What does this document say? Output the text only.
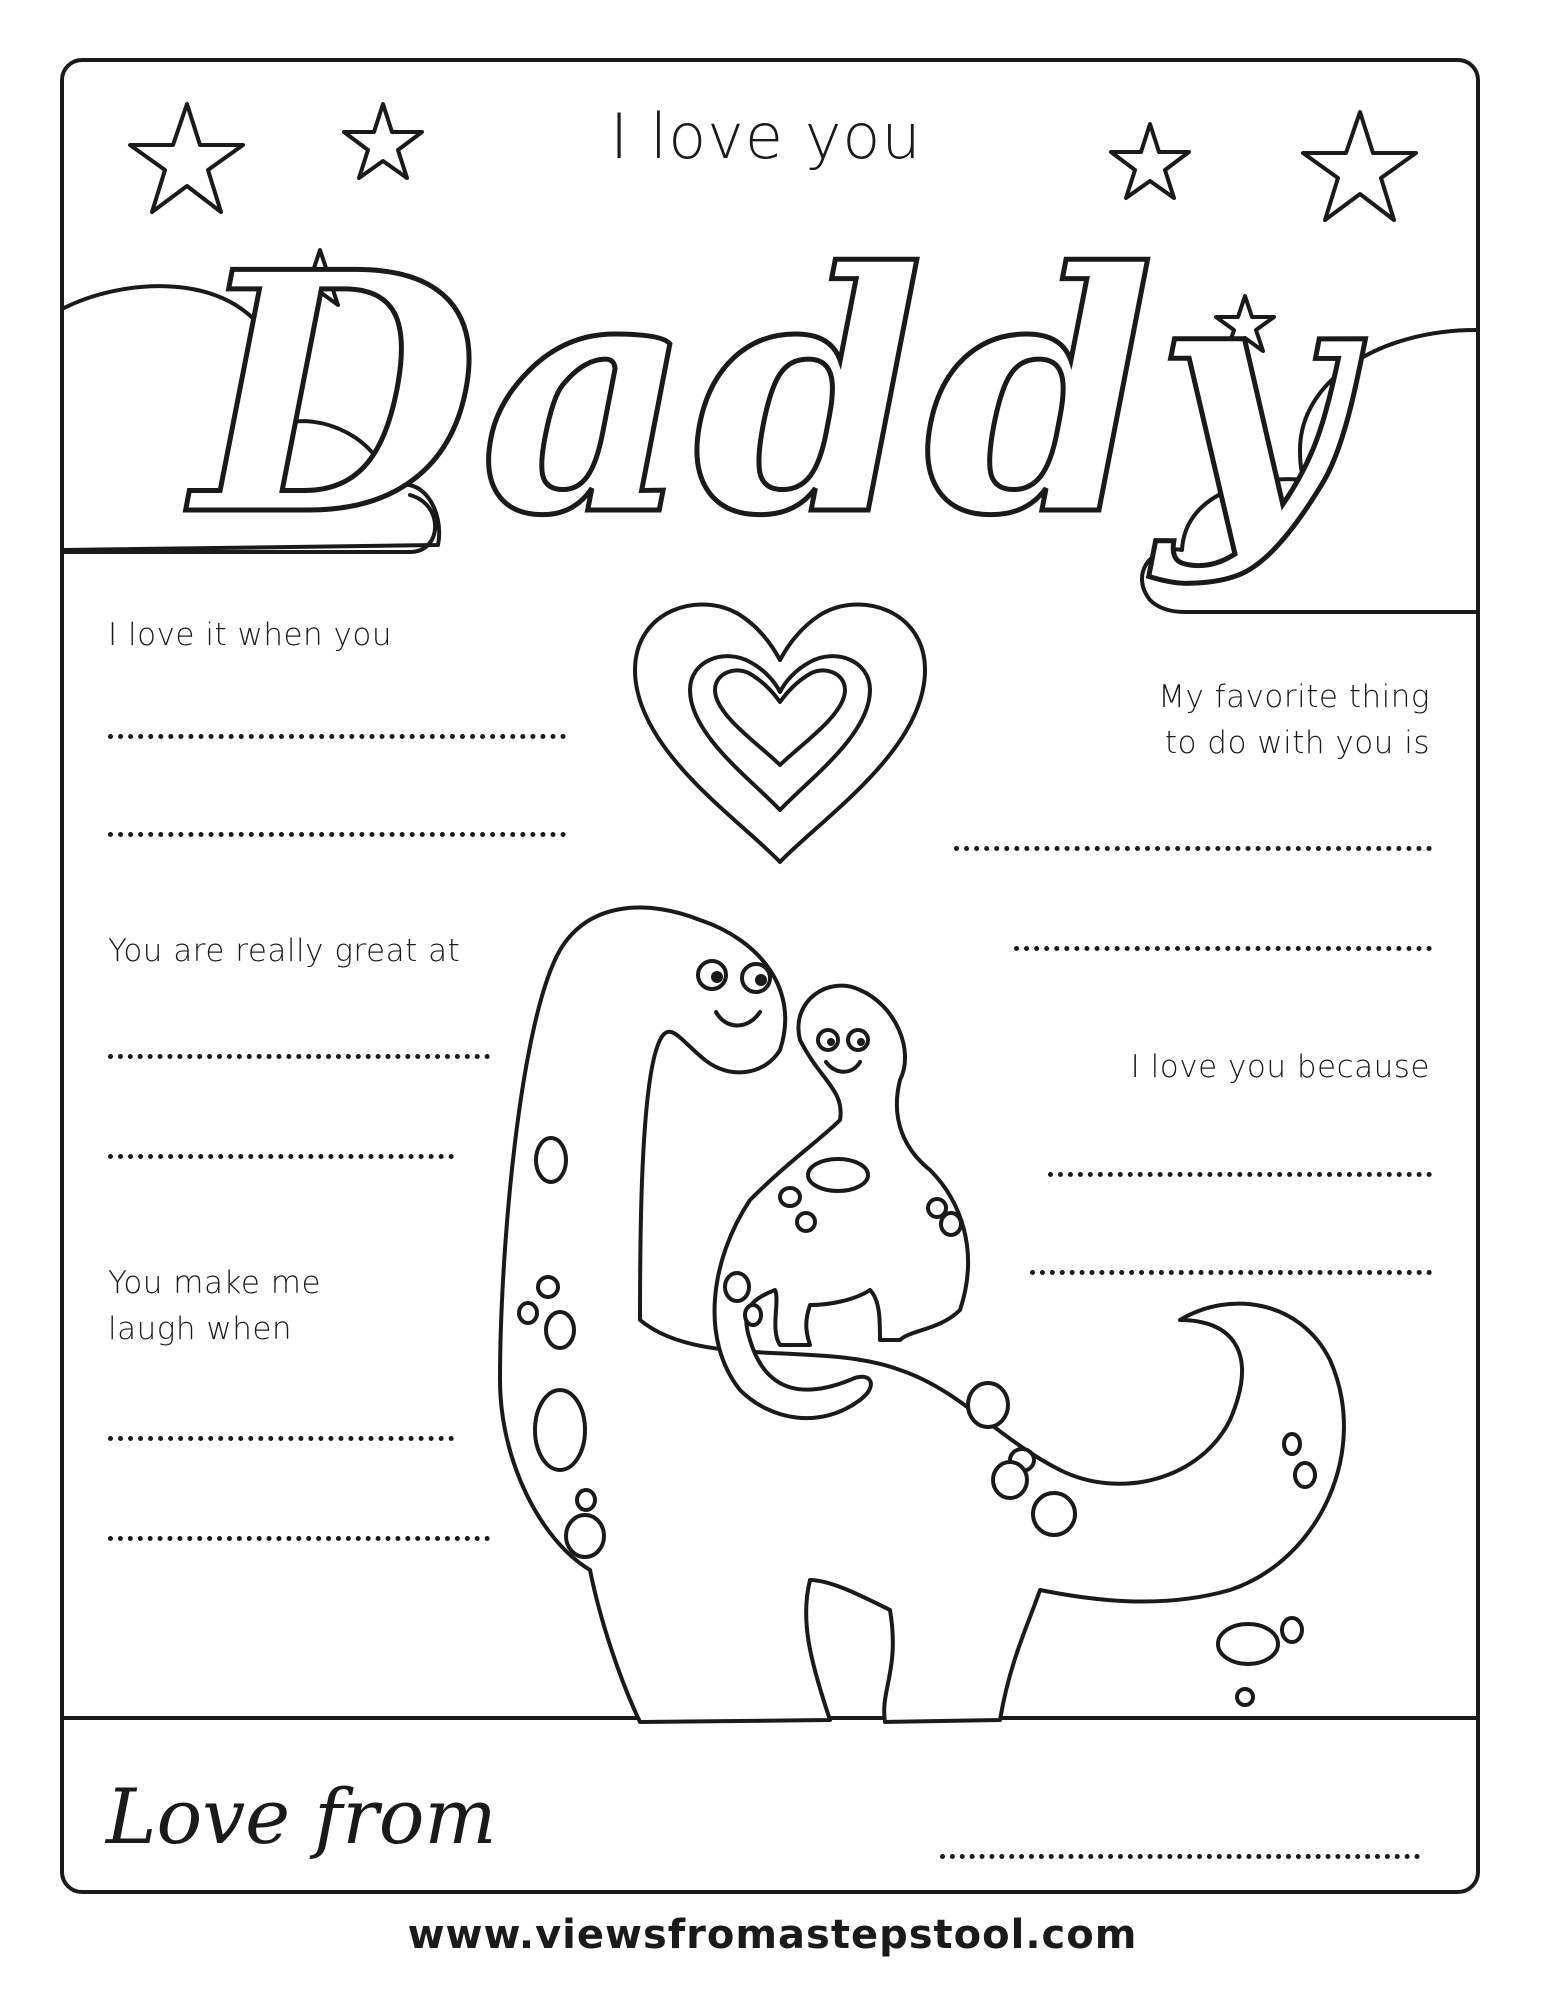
Daddy
I love you
I love it when you
You are really great at
You make me
laugh when
My favorite thing
to do with you is
I love you because
Love from
www.viewsfromastepstool.com
